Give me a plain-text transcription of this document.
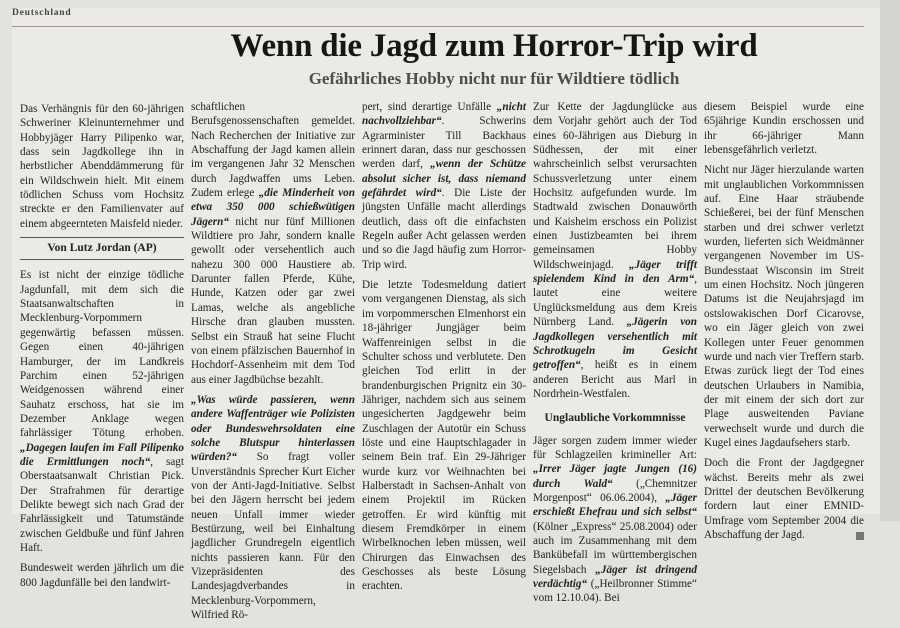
Deutschland
Wenn die Jagd zum Horror-Trip wird
Gefährliches Hobby nicht nur für Wildtiere tödlich

Das Verhängnis für den 60-jährigen Schweriner Kleinunternehmer und Hobbyjäger Harry Pilipenko war, dass sein Jagdkollege ihn in herbstlicher Abenddämmerung für ein Wildschwein hielt. Mit einem tödlichen Schuss vom Hochsitz streckte er den Familienvater auf einem abgeernteten Maisfeld nieder.

Von Lutz Jordan (AP)

Es ist nicht der einzige tödliche Jagdunfall, mit dem sich die Staatsanwaltschaften in Mecklenburg-Vorpommern gegenwärtig befassen müssen. Gegen einen 40-jährigen Hamburger, der im Landkreis Parchim einen 52-jährigen Weidgenossen während einer Sauhatz erschoss, hat sie im Dezember Anklage wegen fahrlässiger Tötung erhoben. „Dagegen laufen im Fall Pilipenko die Ermittlungen noch“, sagt Oberstaatsanwalt Christian Pick. Der Strafrahmen für derartige Delikte bewegt sich nach Grad der Fahrlässigkeit und Tatumstände zwischen Geldbuße und fünf Jahren Haft.

Bundesweit werden jährlich um die 800 Jagdunfälle bei den landwirt-

schaftlichen Berufsgenossenschaften gemeldet. Nach Recherchen der Initiative zur Abschaffung der Jagd kamen allein im vergangenen Jahr 32 Menschen durch Jagdwaffen ums Leben. Zudem erlege „die Minderheit von etwa 350 000 schießwütigen Jägern“ nicht nur fünf Millionen Wildtiere pro Jahr, sondern knalle gewollt oder versehentlich auch nahezu 300 000 Haustiere ab. Darunter fallen Pferde, Kühe, Hunde, Katzen oder gar zwei Lamas, welche als angebliche Hirsche dran glauben mussten. Selbst ein Strauß hat seine Flucht von einem pfälzischen Bauernhof in Hochdorf-Assenheim mit dem Tod aus einer Jagdbüchse bezahlt.

„Was würde passieren, wenn andere Waffenträger wie Polizisten oder Bundeswehrsoldaten eine solche Blutspur hinterlassen würden?“ So fragt voller Unverständnis Sprecher Kurt Eicher von der Anti-Jagd-Initiative. Selbst bei den Jägern herrscht bei jedem neuen Unfall immer wieder Bestürzung, weil bei Einhaltung jagdlicher Grundregeln eigentlich nichts passieren kann. Für den Vizepräsidenten des Landesjagdverbandes in Mecklenburg-Vorpommern, Wilfried Rö-

pert, sind derartige Unfälle „nicht nachvollziehbar“. Schwerins Agrarminister Till Backhaus erinnert daran, dass nur geschossen werden darf, „wenn der Schütze absolut sicher ist, dass niemand gefährdet wird“. Die Liste der jüngsten Unfälle macht allerdings deutlich, dass oft die einfachsten Regeln außer Acht gelassen werden und so die Jagd häufig zum Horror-Trip wird.

Die letzte Todesmeldung datiert vom vergangenen Dienstag, als sich im vorpommerschen Elmenhorst ein 18-jähriger Jungjäger beim Waffenreinigen selbst in die Schulter schoss und verblutete. Den gleichen Tod erlitt in der brandenburgischen Prignitz ein 30-Jähriger, nachdem sich aus seinem ungesicherten Jagdgewehr beim Zuschlagen der Autotür ein Schuss löste und eine Hauptschlagader in seinem Bein traf. Ein 29-Jähriger wurde kurz vor Weihnachten bei Halberstadt in Sachsen-Anhalt von einem Projektil im Rücken getroffen. Er wird künftig mit diesem Fremdkörper in einem Wirbelknochen leben müssen, weil Chirurgen das Einwachsen des Geschosses als beste Lösung erachten.

Zur Kette der Jagdunglücke aus dem Vorjahr gehört auch der Tod eines 60-Jährigen aus Dieburg in Südhessen, der mit einer wahrscheinlich selbst verursachten Schussverletzung unter einem Hochsitz aufgefunden wurde. Im Stadtwald zwischen Donauwörth und Kaisheim erschoss ein Polizist einen Justizbeamten bei ihrem gemeinsamen Hobby Wildschweinjagd. „Jäger trifft spielendem Kind in den Arm“, lautet eine weitere Unglücksmeldung aus dem Kreis Nürnberg Land. „Jägerin von Jagdkollegen versehentlich mit Schrotkugeln im Gesicht getroffen“, heißt es in einem anderen Bericht aus Marl in Nordrhein-Westfalen.

Unglaubliche Vorkommnisse

Jäger sorgen zudem immer wieder für Schlagzeilen krimineller Art: „Irrer Jäger jagte Jungen (16) durch Wald“ („Chemnitzer Morgenpost“ 06.06.2004), „Jäger erschießt Ehefrau und sich selbst“ (Kölner „Express“ 25.08.2004) oder auch im Zusammenhang mit dem Bankübefall im württembergischen Siegelsbach „Jäger ist dringend verdächtig“ („Heilbronner Stimme“ vom 12.10.04). Bei

diesem Beispiel wurde eine 65jährige Kundin erschossen und ihr 66-jähriger Mann lebensgefährlich verletzt.

Nicht nur Jäger hierzulande warten mit unglaublichen Vorkommnissen auf. Eine Haar sträubende Schießerei, bei der fünf Menschen starben und drei schwer verletzt wurden, lieferten sich Weidmänner vergangenen November im US-Bundesstaat Wisconsin im Streit um einen Hochsitz. Noch jüngeren Datums ist die Neujahrsjagd im ostslowakischen Dorf Cicarovse, wo ein Jäger gleich von zwei Kollegen unter Feuer genommen wurde und nach vier Treffern starb. Etwas zurück liegt der Tod eines deutschen Urlaubers in Namibia, der mit einem der sich dort zur Plage ausweitenden Paviane verwechselt wurde und durch die Kugel eines Jagdaufsehers starb.

Doch die Front der Jagdgegner wächst. Bereits mehr als zwei Drittel der deutschen Bevölkerung fordern laut einer EMNID-Umfrage vom September 2004 die Abschaffung der Jagd.
